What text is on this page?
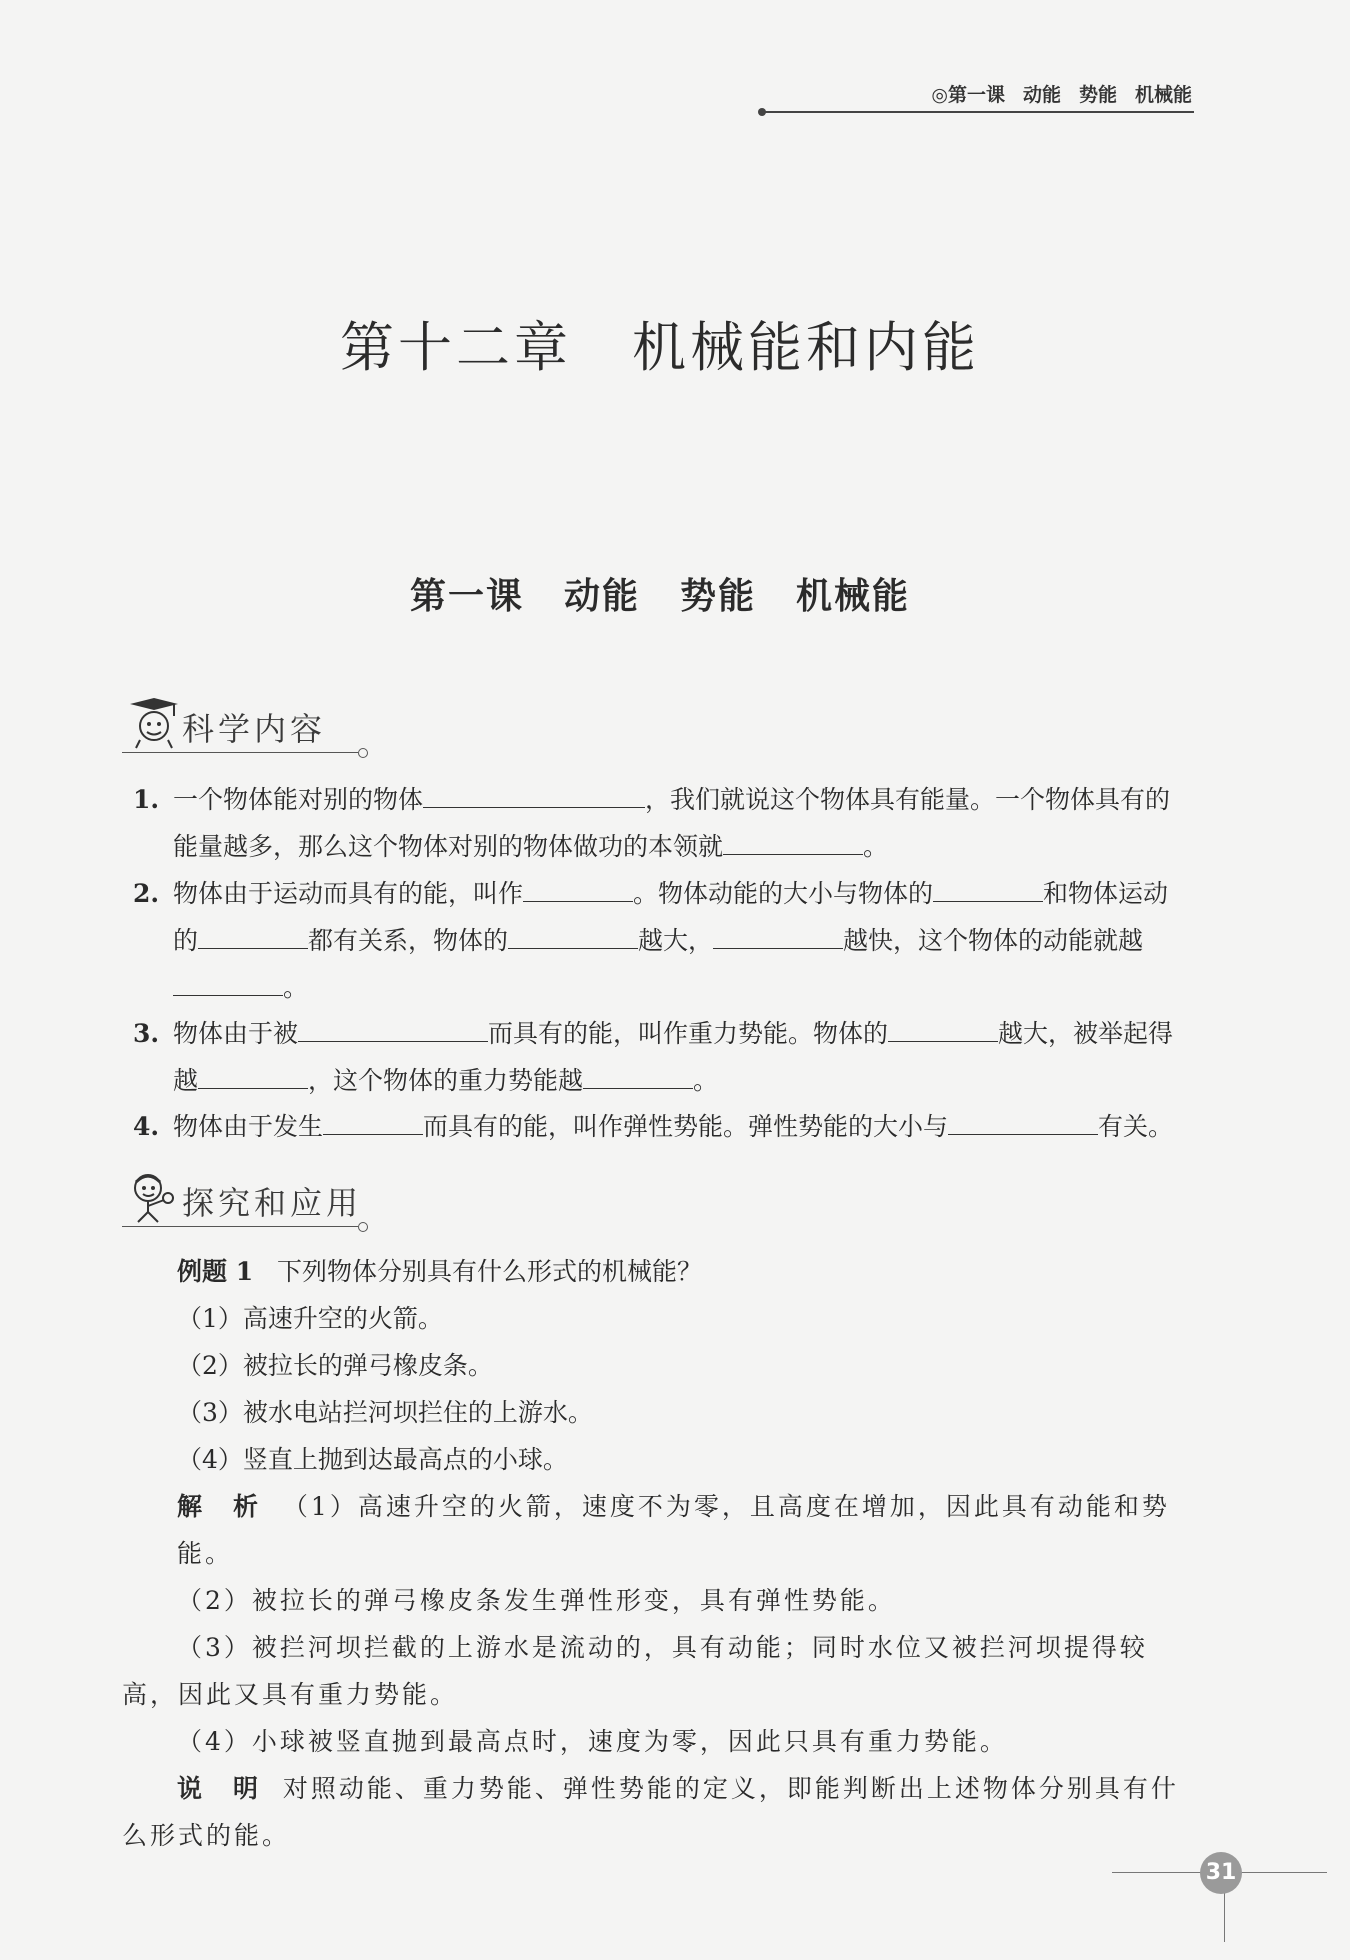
◎第一课 动能 势能 机械能
第十二章 机械能和内能
第一课 动能 势能 机械能
科学内容
1. 一个物体能对别的物体	，我们就说这个物体具有能量。一个物体具有的能量越多，那么这个物体对别的物体做功的本领就	。
2. 物体由于运动而具有的能，叫作	。物体动能的大小与物体的	和物体运动的	都有关系，物体的	越大，	越快，这个物体的动能就越。
3. 物体由于被	而具有的能，叫作重力势能。物体的	越大，被举起得越	，这个物体的重力势能越	。
4. 物体由于发生	而具有的能，叫作弹性势能。弹性势能的大小与	有关。
探究和应用
例题 1 下列物体分别具有什么形式的机械能？
（1）高速升空的火箭。
（2）被拉长的弹弓橡皮条。
（3）被水电站拦河坝拦住的上游水。
（4）竖直上抛到达最高点的小球。
解　析 （1）高速升空的火箭，速度不为零，且高度在增加，因此具有动能和势能。
（2）被拉长的弹弓橡皮条发生弹性形变，具有弹性势能。
（3）被拦河坝拦截的上游水是流动的，具有动能；同时水位又被拦河坝提得较高，因此又具有重力势能。
（4）小球被竖直抛到最高点时，速度为零，因此只具有重力势能。
说　明 对照动能、重力势能、弹性势能的定义，即能判断出上述物体分别具有什么形式的能。
31
